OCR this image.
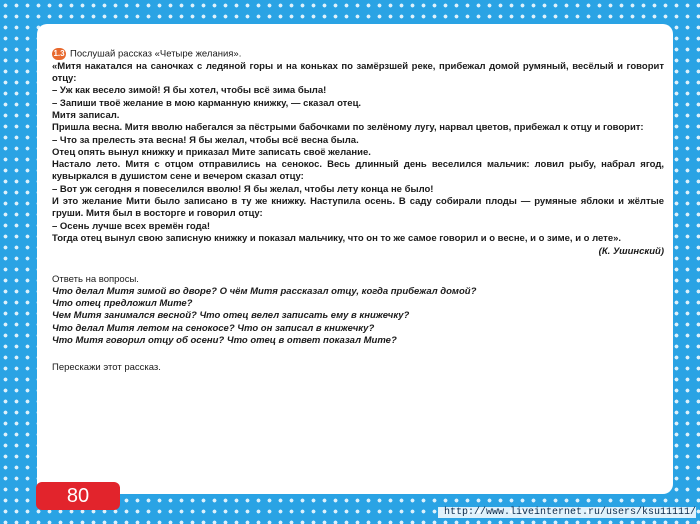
1.3 Послушай рассказ «Четыре желания».

«Митя накатался на саночках с ледяной горы и на коньках по замёрзшей реке, прибежал домой румяный, весёлый и говорит отцу:

– Уж как весело зимой! Я бы хотел, чтобы всё зима была!

– Запиши твоё желание в мою карманную книжку, — сказал отец.

Митя записал.

Пришла весна. Митя вволю набегался за пёстрыми бабочками по зелёному лугу, нарвал цветов, прибежал к отцу и говорит:

– Что за прелесть эта весна! Я бы желал, чтобы всё весна была.

Отец опять вынул книжку и приказал Мите записать своё желание.

Настало лето. Митя с отцом отправились на сенокос. Весь длинный день веселился мальчик: ловил рыбу, набрал ягод, кувыркался в душистом сене и вечером сказал отцу:

– Вот уж сегодня я повеселился вволю! Я бы желал, чтобы лету конца не было!

И это желание Мити было записано в ту же книжку. Наступила осень. В саду собирали плоды — румяные яблоки и жёлтые груши. Митя был в восторге и говорил отцу:

– Осень лучше всех времён года!

Тогда отец вынул свою записную книжку и показал мальчику, что он то же самое говорил и о весне, и о зиме, и о лете».

(К. Ушинский)
Ответь на вопросы.
Что делал Митя зимой во дворе? О чём Митя рассказал отцу, когда прибежал домой?
Что отец предложил Мите?
Чем Митя занимался весной? Что отец велел записать ему в книжечку?
Что делал Митя летом на сенокосе? Что он записал в книжечку?
Что Митя говорил отцу об осени? Что отец в ответ показал Мите?
Перескажи этот рассказ.
80
http://www.liveinternet.ru/users/ksu11111/
